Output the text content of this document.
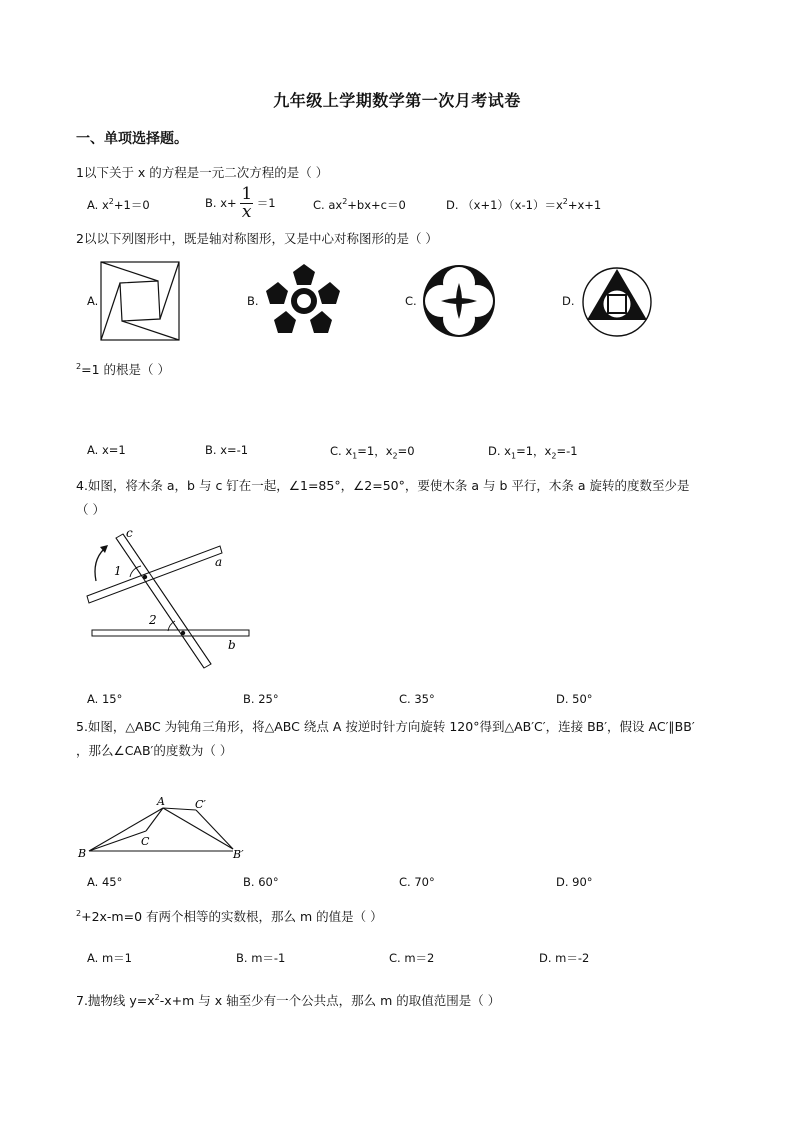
九年级上学期数学第一次月考试卷
一、单项选择题。
1以下关于 x 的方程是一元二次方程的是（ ）
A. $x^2+1=0$	B. $x+ \frac{1}{x} =1$	C. $ax^2+bx+c=0$	D. $(x+1)(x-1)=x^2+x+1$
2以以下列图形中，既是轴对称图形，又是中心对称图形的是（ ）
A.	B.	C.	D.
$^2$=1 的根是（ ）
A. x=1	B. x=-1	C. $x_1=1$，$x_2=0$	D. $x_1=1$，$x_2=-1$
4.如图，将木条 a，b 与 c 钉在一起，∠1=85°，∠2=50°，要使木条 a 与 b 平行，木条 a 旋转的度数至少是
（ ）
c
a
b
1
2
A. 15°	B. 25°	C. 35°	D. 50°
5.如图，△ABC 为钝角三角形，将△ABC 绕点 A 按逆时针方向旋转 120°得到△AB′C′，连接 BB′，假设 AC′∥BB′
，那么∠CAB′的度数为（ ）
A
B
C
C′
B′
A. 45°	B. 60°	C. 70°	D. 90°
$^2$+2x-m=0 有两个相等的实数根，那么 m 的值是（ ）
A. m＝1	B. m＝-1	C. m＝2	D. m＝-2
7.抛物线 $y=x^2-x+m$ 与 x 轴至少有一个公共点，那么 m 的取值范围是（ ）
